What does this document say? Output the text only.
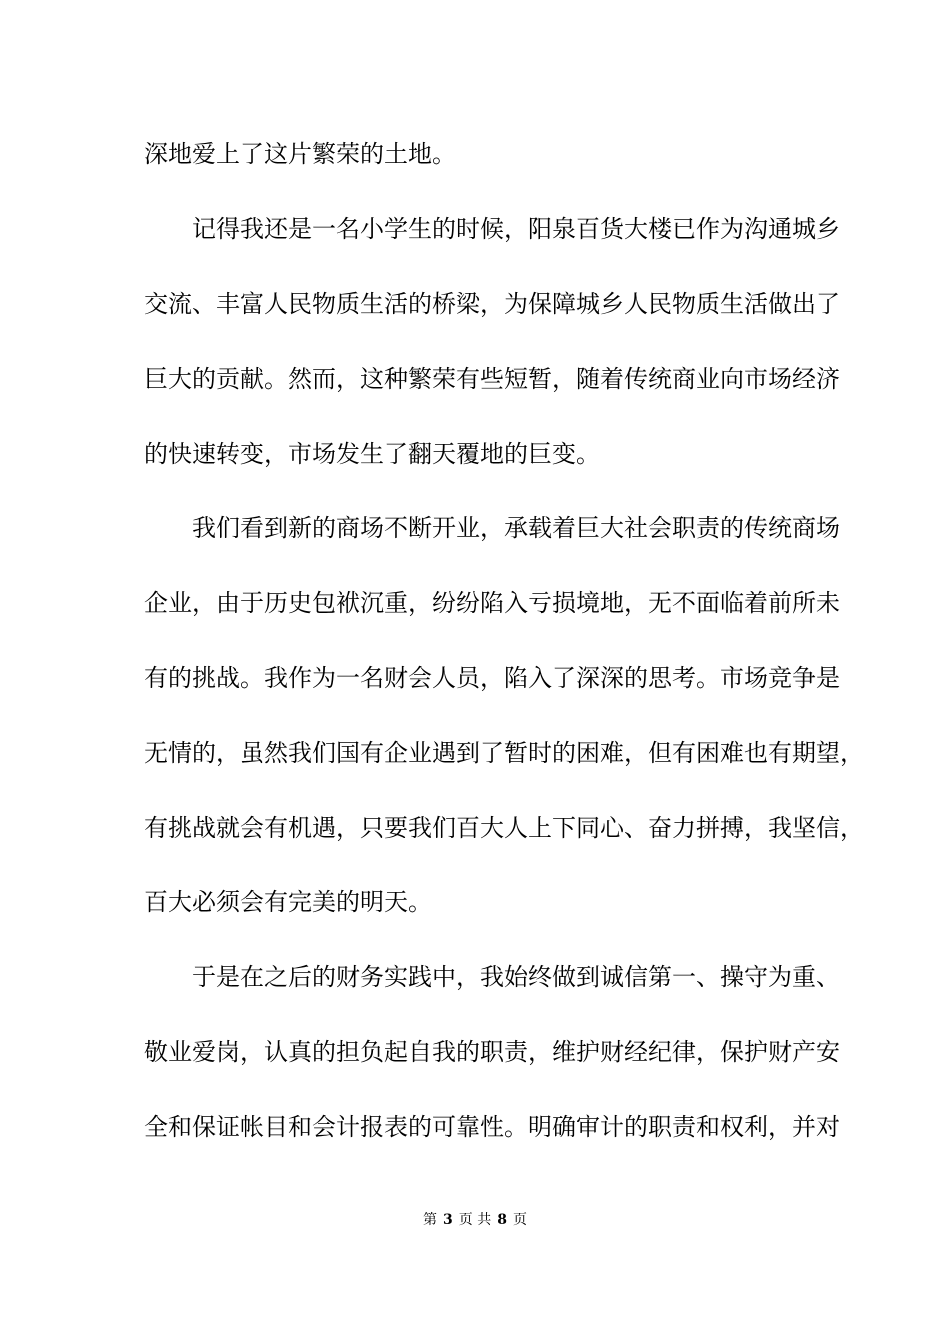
深地爱上了这片繁荣的土地。
记得我还是一名小学生的时候，阳泉百货大楼已作为沟通城乡
交流、丰富人民物质生活的桥梁，为保障城乡人民物质生活做出了
巨大的贡献。然而，这种繁荣有些短暂，随着传统商业向市场经济
的快速转变，市场发生了翻天覆地的巨变。
我们看到新的商场不断开业，承载着巨大社会职责的传统商场
企业，由于历史包袱沉重，纷纷陷入亏损境地，无不面临着前所未
有的挑战。我作为一名财会人员，陷入了深深的思考。市场竞争是
无情的，虽然我们国有企业遇到了暂时的困难，但有困难也有期望，
有挑战就会有机遇，只要我们百大人上下同心、奋力拼搏，我坚信，
百大必须会有完美的明天。
于是在之后的财务实践中，我始终做到诚信第一、操守为重、
敬业爱岗，认真的担负起自我的职责，维护财经纪律，保护财产安
全和保证帐目和会计报表的可靠性。明确审计的职责和权利，并对
第 3 页 共 8 页
